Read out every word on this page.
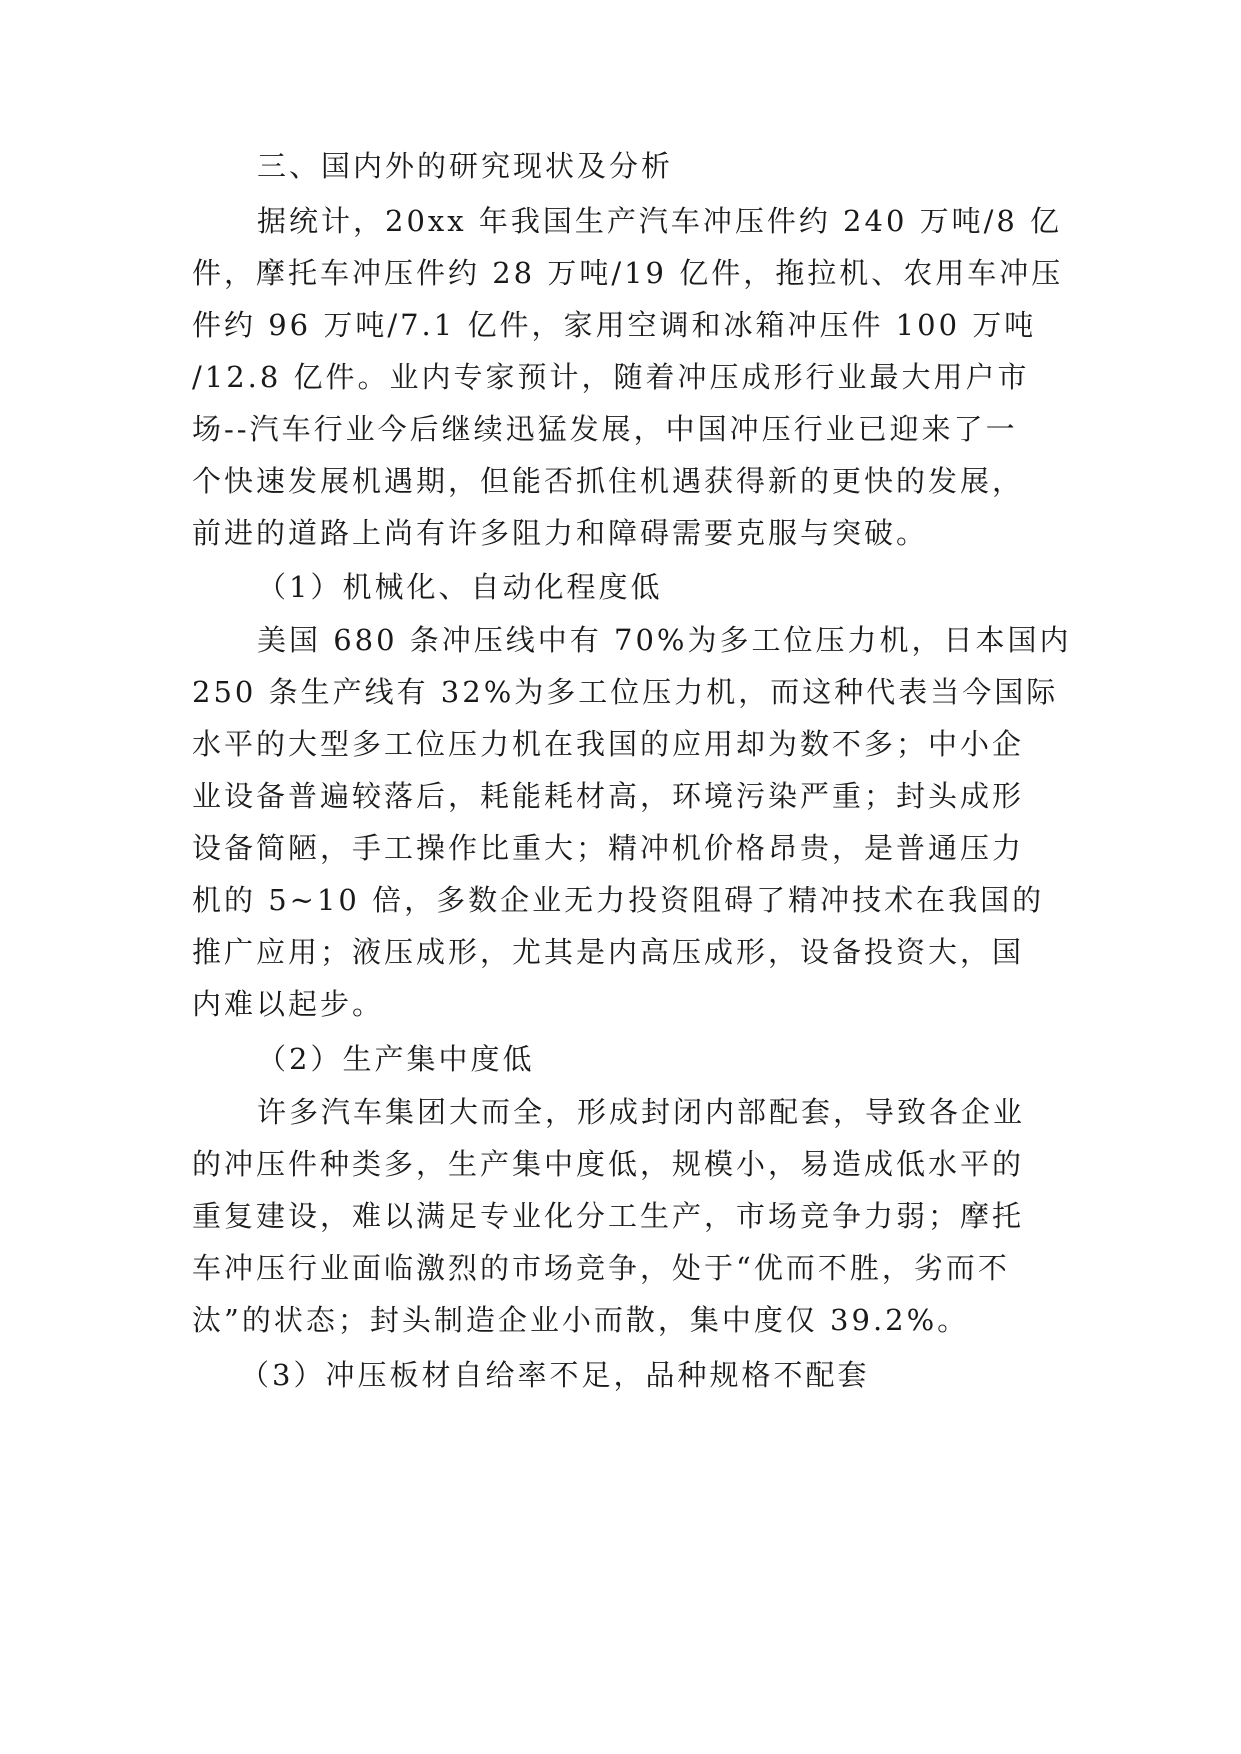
三、国内外的研究现状及分析
据统计，20xx 年我国生产汽车冲压件约 240 万吨/8 亿
件，摩托车冲压件约 28 万吨/19 亿件，拖拉机、农用车冲压
件约 96 万吨/7.1 亿件，家用空调和冰箱冲压件 100 万吨
/12.8 亿件。业内专家预计，随着冲压成形行业最大用户市
场--汽车行业今后继续迅猛发展，中国冲压行业已迎来了一
个快速发展机遇期，但能否抓住机遇获得新的更快的发展，
前进的道路上尚有许多阻力和障碍需要克服与突破。
（1）机械化、自动化程度低
美国 680 条冲压线中有 70%为多工位压力机，日本国内
250 条生产线有 32%为多工位压力机，而这种代表当今国际
水平的大型多工位压力机在我国的应用却为数不多；中小企
业设备普遍较落后，耗能耗材高，环境污染严重；封头成形
设备简陋，手工操作比重大；精冲机价格昂贵，是普通压力
机的 5~10 倍，多数企业无力投资阻碍了精冲技术在我国的
推广应用；液压成形，尤其是内高压成形，设备投资大，国
内难以起步。
（2）生产集中度低
许多汽车集团大而全，形成封闭内部配套，导致各企业
的冲压件种类多，生产集中度低，规模小，易造成低水平的
重复建设，难以满足专业化分工生产，市场竞争力弱；摩托
车冲压行业面临激烈的市场竞争，处于“优而不胜，劣而不
汰”的状态；封头制造企业小而散，集中度仅 39.2%。
（3）冲压板材自给率不足，品种规格不配套
